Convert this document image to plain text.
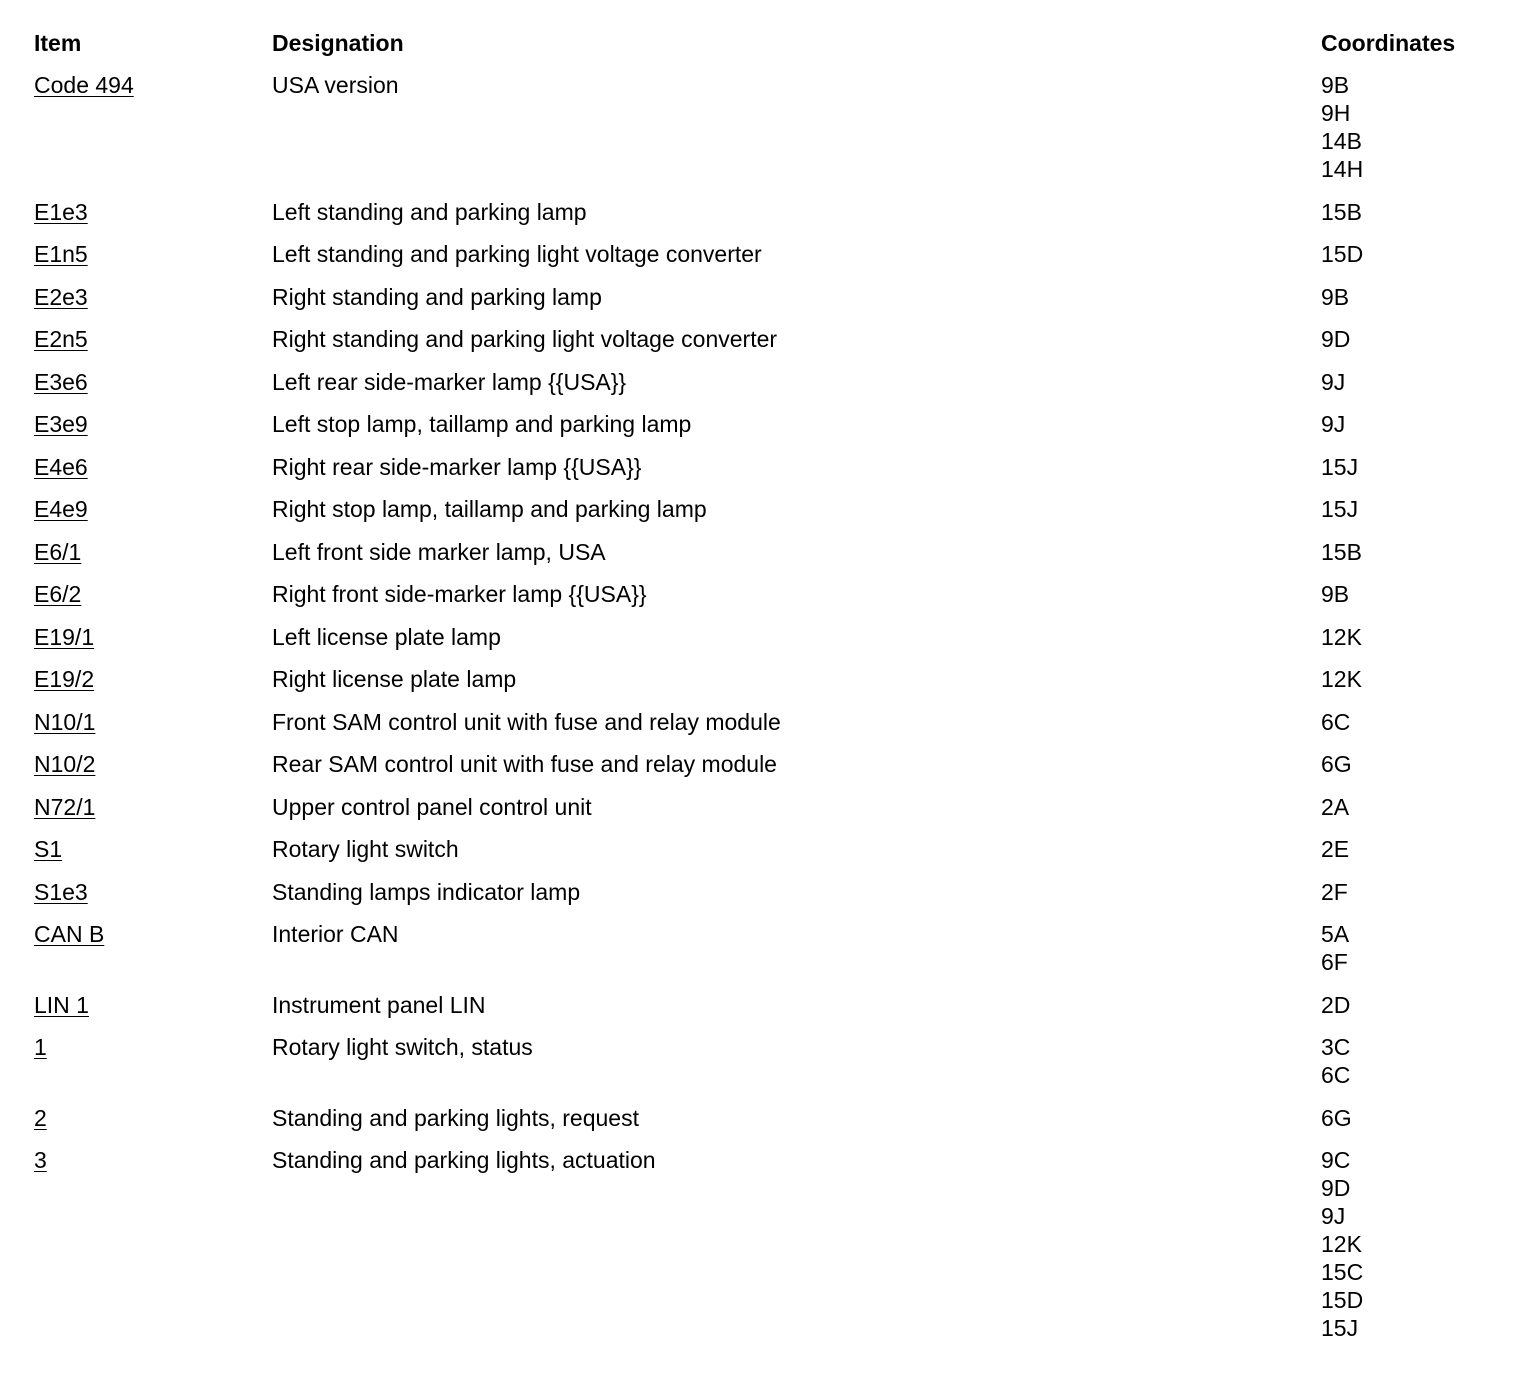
Item	Designation	Coordinates
Code 494	USA version	9B
9H
14B
14H
E1e3	Left standing and parking lamp	15B
E1n5	Left standing and parking light voltage converter	15D
E2e3	Right standing and parking lamp	9B
E2n5	Right standing and parking light voltage converter	9D
E3e6	Left rear side-marker lamp {{USA}}	9J
E3e9	Left stop lamp, taillamp and parking lamp	9J
E4e6	Right rear side-marker lamp {{USA}}	15J
E4e9	Right stop lamp, taillamp and parking lamp	15J
E6/1	Left front side marker lamp, USA	15B
E6/2	Right front side-marker lamp {{USA}}	9B
E19/1	Left license plate lamp	12K
E19/2	Right license plate lamp	12K
N10/1	Front SAM control unit with fuse and relay module	6C
N10/2	Rear SAM control unit with fuse and relay module	6G
N72/1	Upper control panel control unit	2A
S1	Rotary light switch	2E
S1e3	Standing lamps indicator lamp	2F
CAN B	Interior CAN	5A
6F
LIN 1	Instrument panel LIN	2D
1	Rotary light switch, status	3C
6C
2	Standing and parking lights, request	6G
3	Standing and parking lights, actuation	9C
9D
9J
12K
15C
15D
15J
